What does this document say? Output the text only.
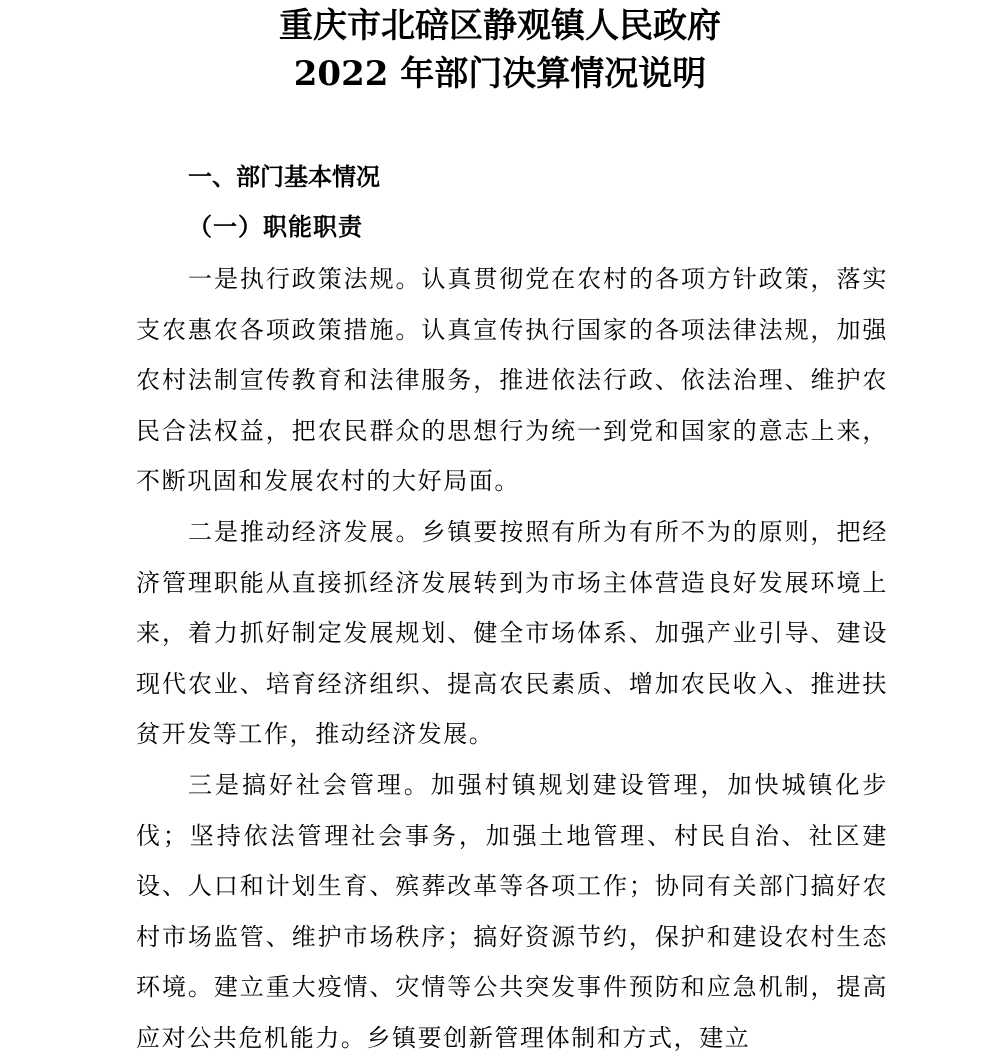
重庆市北碚区静观镇人民政府
2022 年部门决算情况说明
一、部门基本情况
（一）职能职责

一是执行政策法规。认真贯彻党在农村的各项方针政策，落实支农惠农各项政策措施。认真宣传执行国家的各项法律法规，加强农村法制宣传教育和法律服务，推进依法行政、依法治理、维护农民合法权益，把农民群众的思想行为统一到党和国家的意志上来，不断巩固和发展农村的大好局面。

二是推动经济发展。乡镇要按照有所为有所不为的原则，把经济管理职能从直接抓经济发展转到为市场主体营造良好发展环境上来，着力抓好制定发展规划、健全市场体系、加强产业引导、建设现代农业、培育经济组织、提高农民素质、增加农民收入、推进扶贫开发等工作，推动经济发展。

三是搞好社会管理。加强村镇规划建设管理，加快城镇化步伐；坚持依法管理社会事务，加强土地管理、村民自治、社区建设、人口和计划生育、殡葬改革等各项工作；协同有关部门搞好农村市场监管、维护市场秩序；搞好资源节约，保护和建设农村生态环境。建立重大疫情、灾情等公共突发事件预防和应急机制，提高应对公共危机能力。乡镇要创新管理体制和方式，建立
